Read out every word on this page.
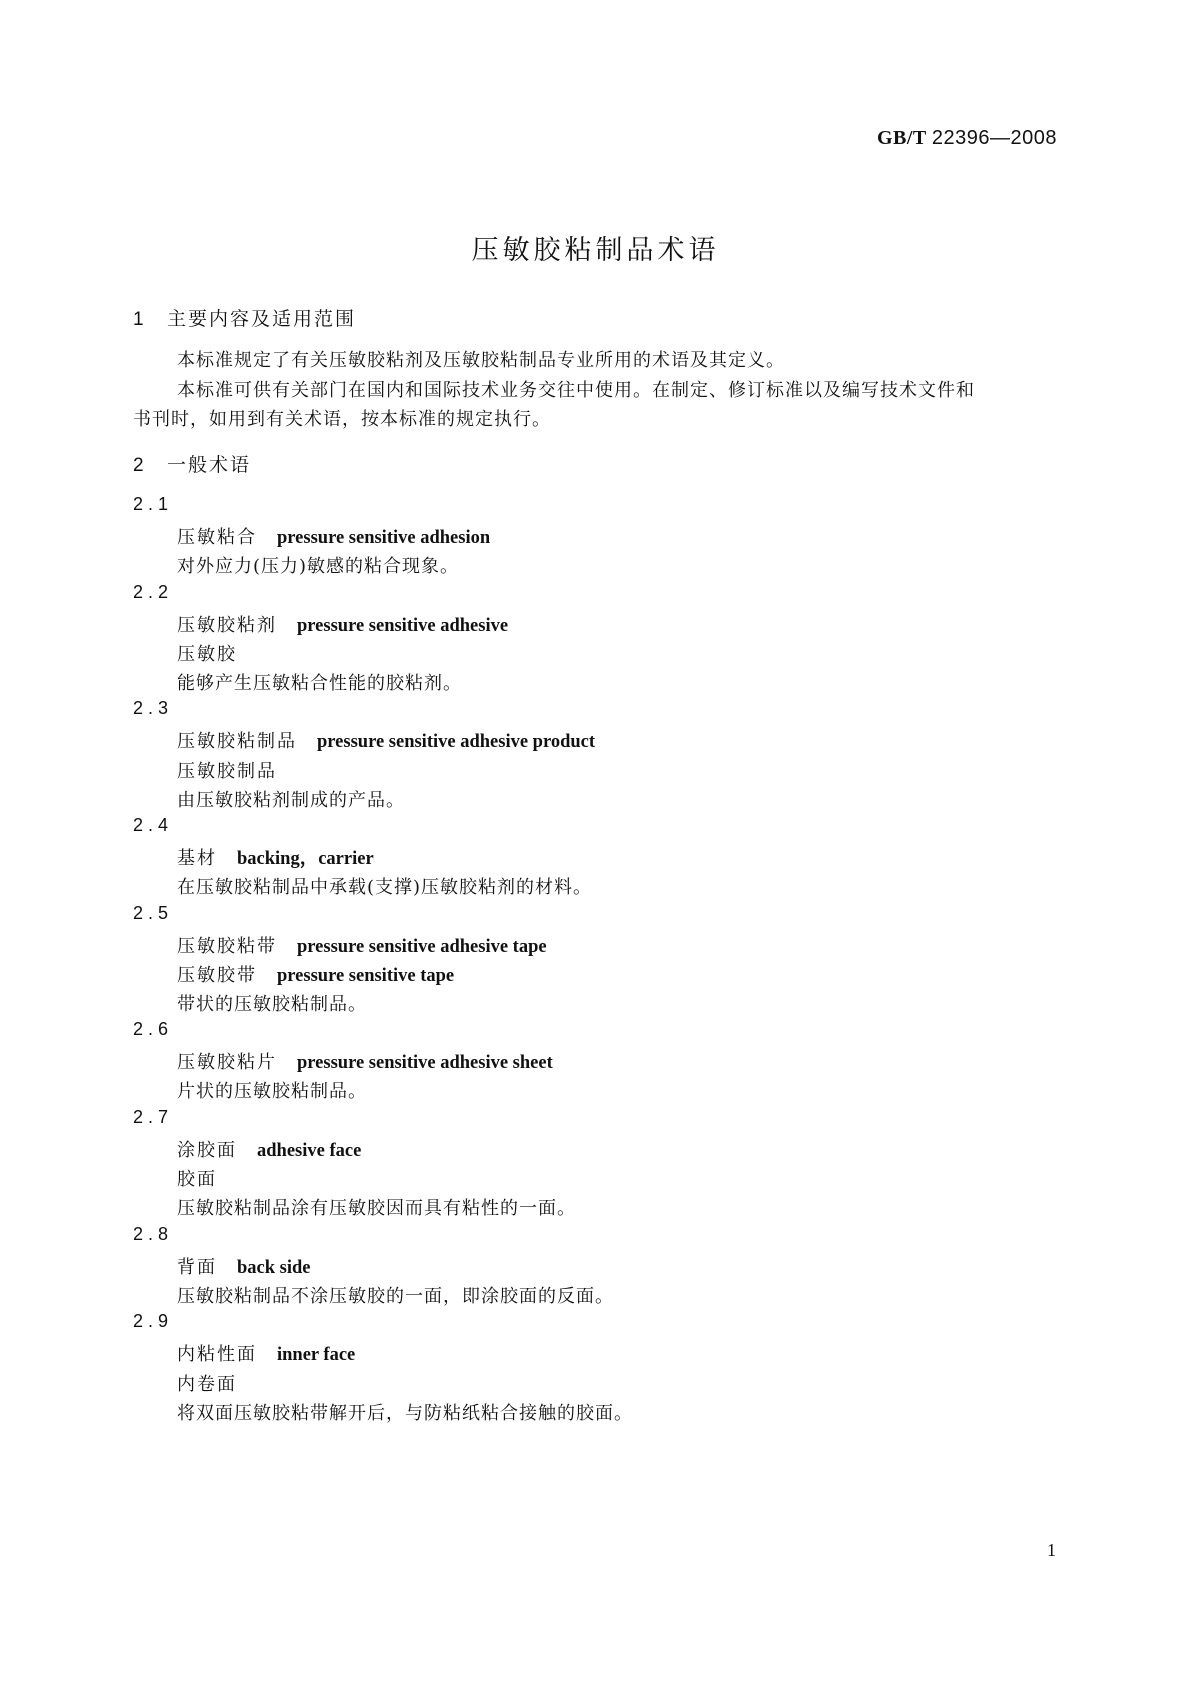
GB/T 22396—2008
压敏胶粘制品术语
1 主要内容及适用范围
本标准规定了有关压敏胶粘剂及压敏胶粘制品专业所用的术语及其定义。
本标准可供有关部门在国内和国际技术业务交往中使用。在制定、修订标准以及编写技术文件和
书刊时，如用到有关术语，按本标准的规定执行。
2 一般术语
2.1
压敏粘合 pressure sensitive adhesion
对外应力(压力)敏感的粘合现象。
2.2
压敏胶粘剂 pressure sensitive adhesive
压敏胶
能够产生压敏粘合性能的胶粘剂。
2.3
压敏胶粘制品 pressure sensitive adhesive product
压敏胶制品
由压敏胶粘剂制成的产品。
2.4
基材 backing，carrier
在压敏胶粘制品中承载(支撑)压敏胶粘剂的材料。
2.5
压敏胶粘带 pressure sensitive adhesive tape
压敏胶带 pressure sensitive tape
带状的压敏胶粘制品。
2.6
压敏胶粘片 pressure sensitive adhesive sheet
片状的压敏胶粘制品。
2.7
涂胶面 adhesive face
胶面
压敏胶粘制品涂有压敏胶因而具有粘性的一面。
2.8
背面 back side
压敏胶粘制品不涂压敏胶的一面，即涂胶面的反面。
2.9
内粘性面 inner face
内卷面
将双面压敏胶粘带解开后，与防粘纸粘合接触的胶面。
1
